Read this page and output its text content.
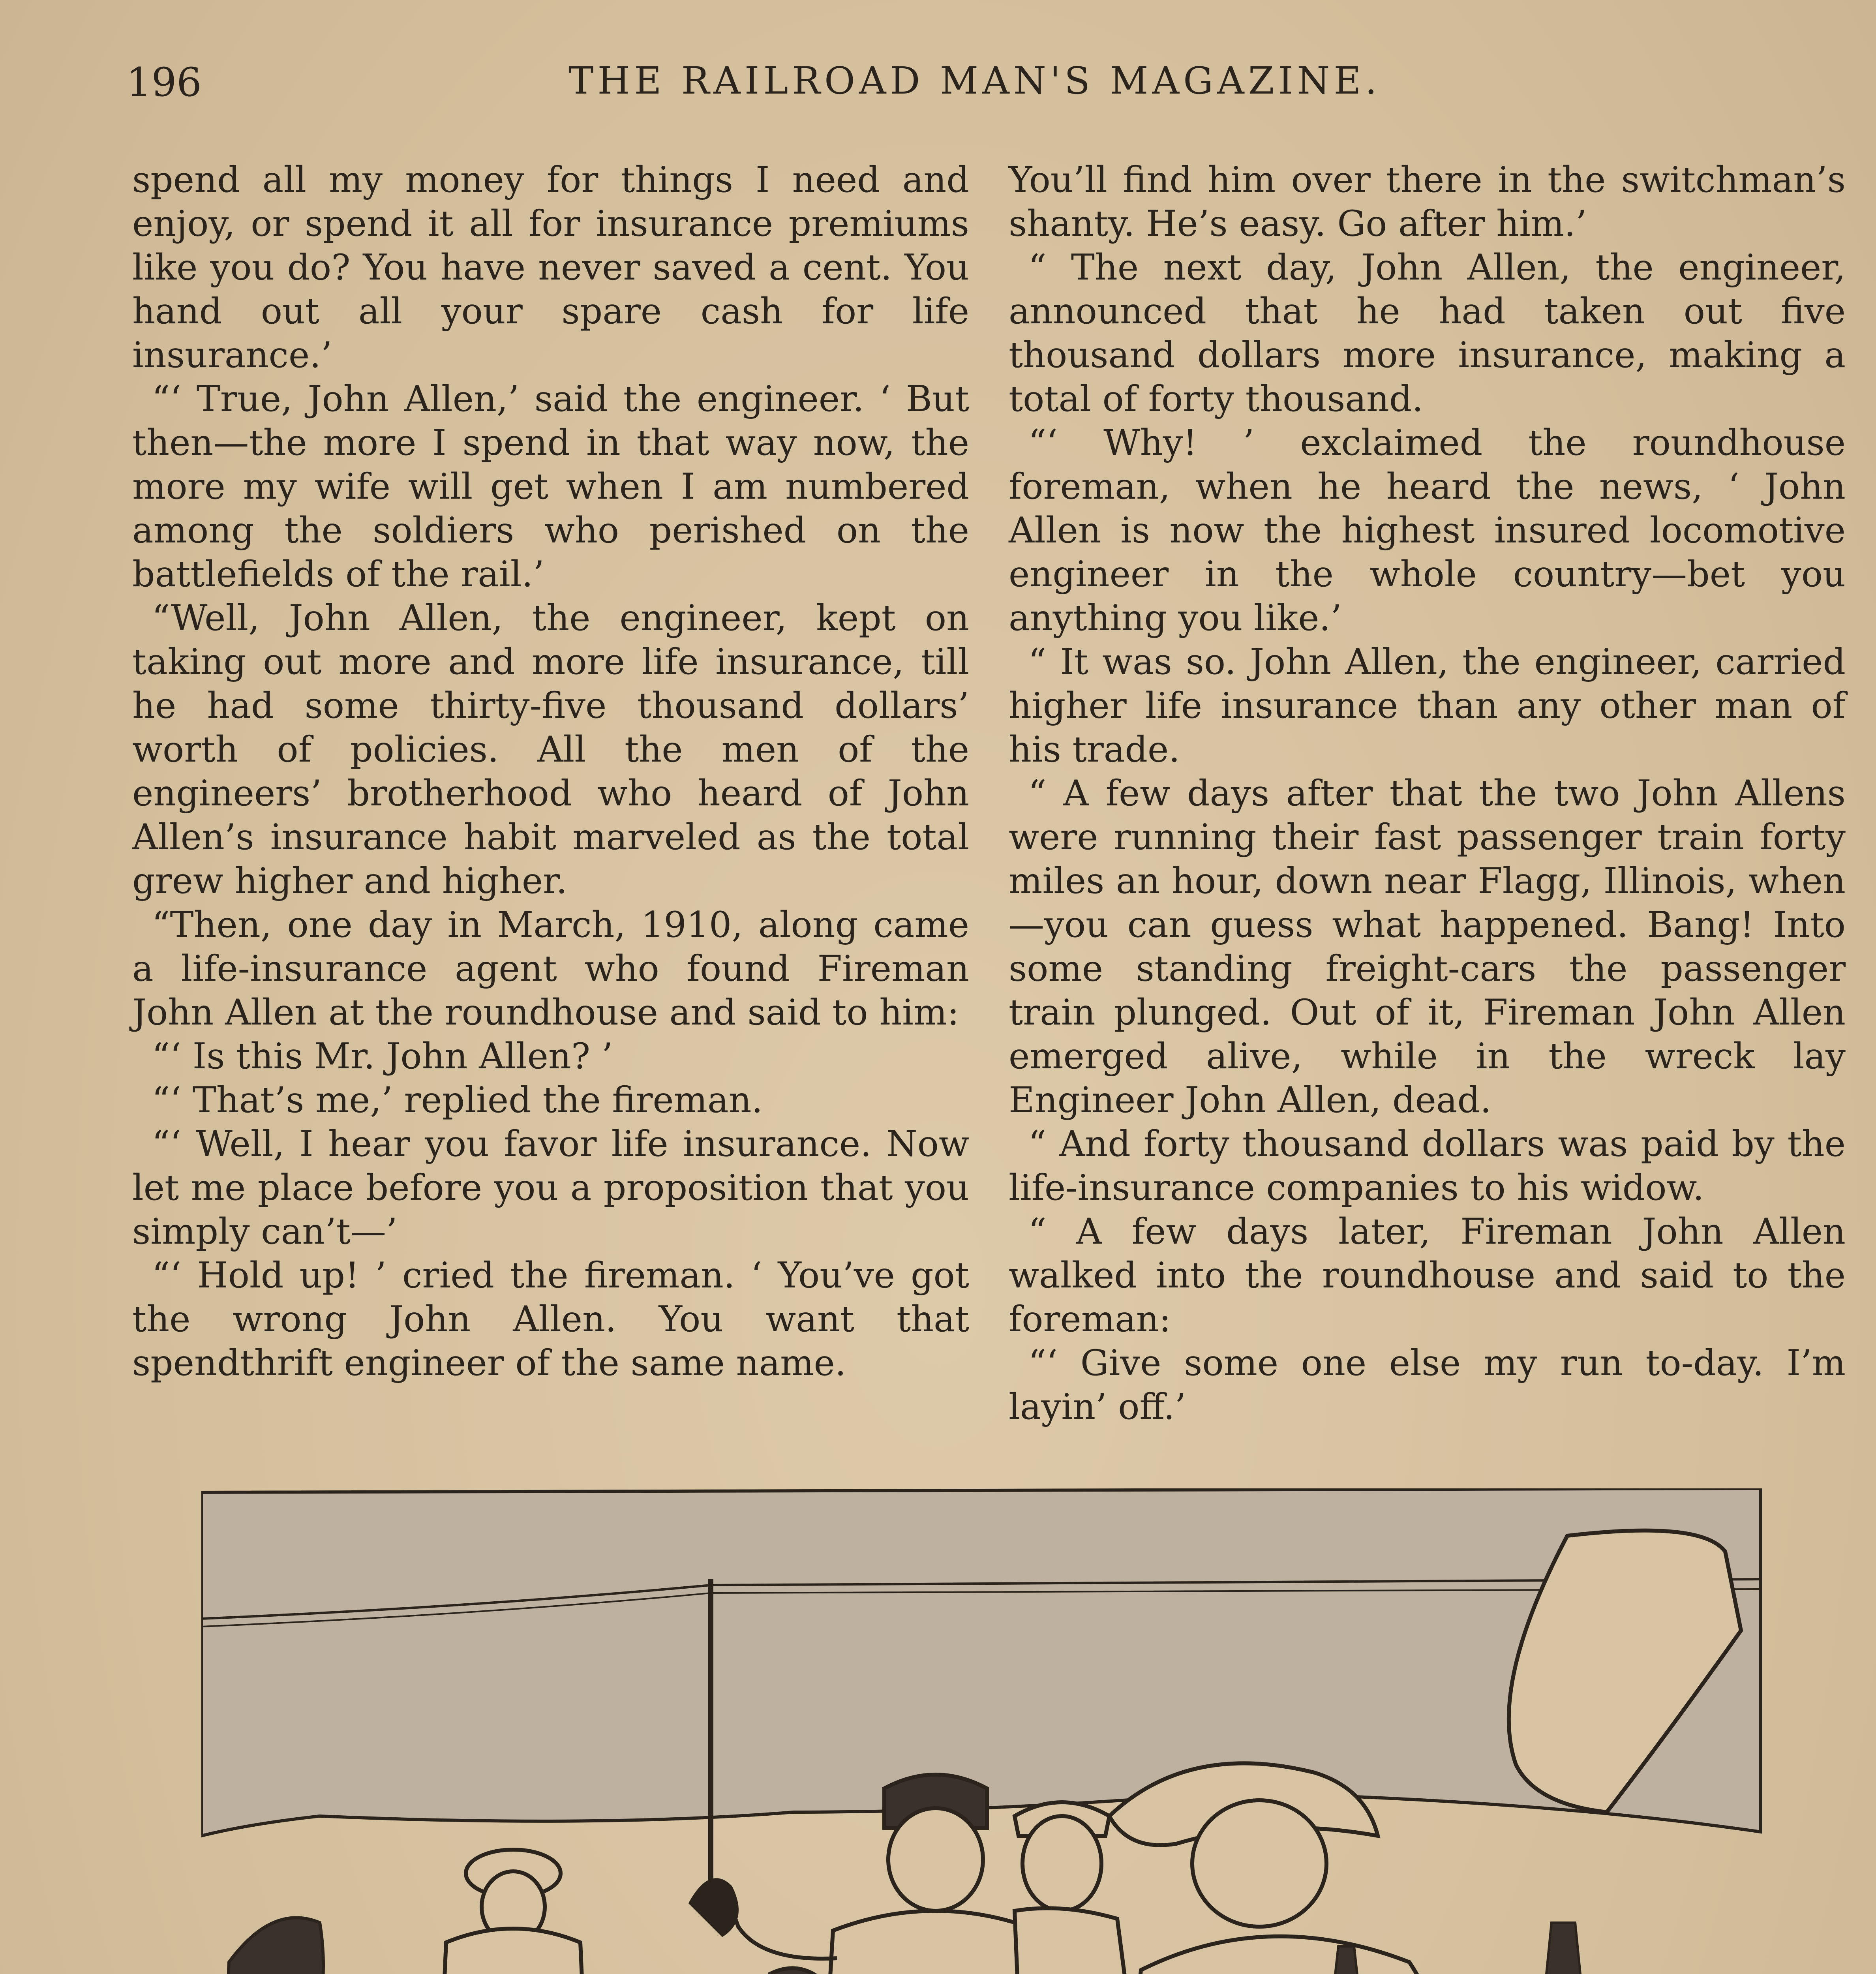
196	THE RAILROAD MAN'S MAGAZINE.

spend all my money for things I need and enjoy, or spend it all for insurance premiums like you do? You have never saved a cent. You hand out all your spare cash for life insurance.’

“‘ True, John Allen,’ said the engineer. ‘ But then—the more I spend in that way now, the more my wife will get when I am numbered among the soldiers who perished on the battlefields of the rail.’

“Well, John Allen, the engineer, kept on taking out more and more life insurance, till he had some thirty-five thousand dollars’ worth of policies. All the men of the engineers’ brotherhood who heard of John Allen’s insurance habit marveled as the total grew higher and higher.

“Then, one day in March, 1910, along came a life-insurance agent who found Fireman John Allen at the roundhouse and said to him:

“‘ Is this Mr. John Allen? ’

“‘ That’s me,’ replied the fireman.

“‘ Well, I hear you favor life insurance. Now let me place before you a proposition that you simply can’t—’

“‘ Hold up! ’ cried the fireman. ‘ You’ve got the wrong John Allen. You want that spendthrift engineer of the same name.

You’ll find him over there in the switchman’s shanty. He’s easy. Go after him.’

“ The next day, John Allen, the engineer, announced that he had taken out five thousand dollars more insurance, making a total of forty thousand.

“‘ Why! ’ exclaimed the roundhouse foreman, when he heard the news, ‘ John Allen is now the highest insured locomotive engineer in the whole country—bet you anything you like.’

“ It was so. John Allen, the engineer, carried higher life insurance than any other man of his trade.

“ A few days after that the two John Allens were running their fast passenger train forty miles an hour, down near Flagg, Illinois, when—you can guess what happened. Bang! Into some standing freight-cars the passenger train plunged. Out of it, Fireman John Allen emerged alive, while in the wreck lay Engineer John Allen, dead.

“ And forty thousand dollars was paid by the life-insurance companies to his widow.

“ A few days later, Fireman John Allen walked into the roundhouse and said to the foreman:

“‘ Give some one else my run to-day. I’m layin’ off.’
